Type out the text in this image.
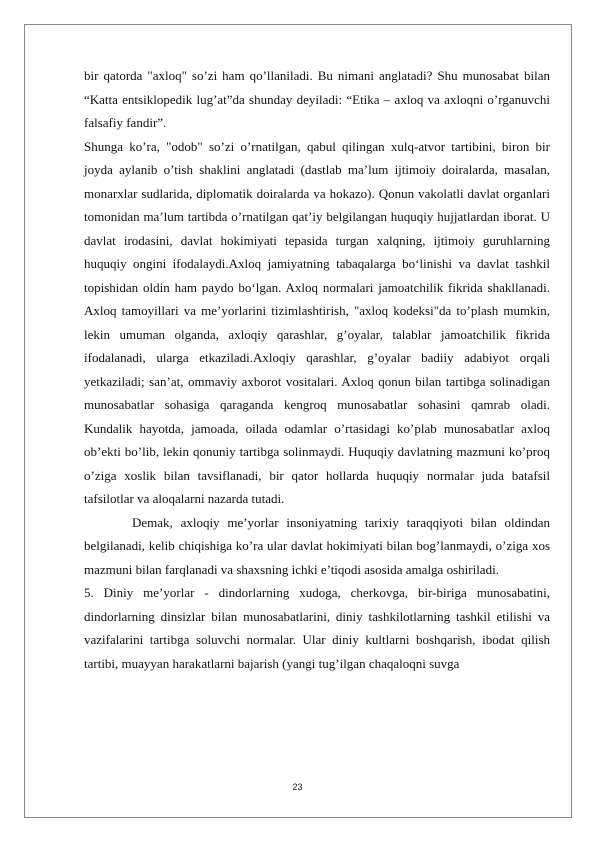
bir qatorda "axloq" so’zi ham qo’llaniladi. Bu nimani anglatadi? Shu munosabat bilan “Katta entsiklopedik lug’at”da shunday deyiladi: “Etika – axloq va axloqni o’rganuvchi falsafiy fandir”.

Shunga ko’ra, "odob" so’zi o’rnatilgan, qabul qilingan xulq-atvor tartibini, biron bir joyda aylanib o’tish shaklini anglatadi (dastlab ma’lum ijtimoiy doiralarda, masalan, monarxlar sudlarida, diplomatik doiralarda va hokazo). Qonun vakolatli davlat organlari tomonidan ma’lum tartibda o’rnatilgan qat’iy belgilangan huquqiy hujjatlardan iborat. U davlat irodasini, davlat hokimiyati tepasida turgan xalqning, ijtimoiy guruhlarning huquqiy ongini ifodalaydi.Axloq jamiyatning tabaqalarga bo‘linishi va davlat tashkil topishidan oldin ham paydo bo‘lgan. Axloq normalari jamoatchilik fikrida shakllanadi. Axloq tamoyillari va me’yorlarini tizimlashtirish, "axloq kodeksi"da to’plash mumkin, lekin umuman olganda, axloqiy qarashlar, g’oyalar, talablar jamoatchilik fikrida ifodalanadi, ularga etkaziladi.Axloqiy qarashlar, g’oyalar badiiy adabiyot orqali yetkaziladi; san’at, ommaviy axborot vositalari. Axloq qonun bilan tartibga solinadigan munosabatlar sohasiga qaraganda kengroq munosabatlar sohasini qamrab oladi. Kundalik hayotda, jamoada, oilada odamlar o’rtasidagi ko’plab munosabatlar axloq ob’ekti bo’lib, lekin qonuniy tartibga solinmaydi. Huquqiy davlatning mazmuni ko’proq o’ziga xoslik bilan tavsiflanadi, bir qator hollarda huquqiy normalar juda batafsil tafsilotlar va aloqalarni nazarda tutadi.

Demak, axloqiy me’yorlar insoniyatning tarixiy taraqqiyoti bilan oldindan belgilanadi, kelib chiqishiga ko’ra ular davlat hokimiyati bilan bog’lanmaydi, o’ziga xos mazmuni bilan farqlanadi va shaxsning ichki e’tiqodi asosida amalga oshiriladi.

5. Diniy me’yorlar - dindorlarning xudoga, cherkovga, bir-biriga munosabatini, dindorlarning dinsizlar bilan munosabatlarini, diniy tashkilotlarning tashkil etilishi va vazifalarini tartibga soluvchi normalar. Ular diniy kultlarni boshqarish, ibodat qilish tartibi, muayyan harakatlarni bajarish (yangi tug’ilgan chaqaloqni suvga

23
